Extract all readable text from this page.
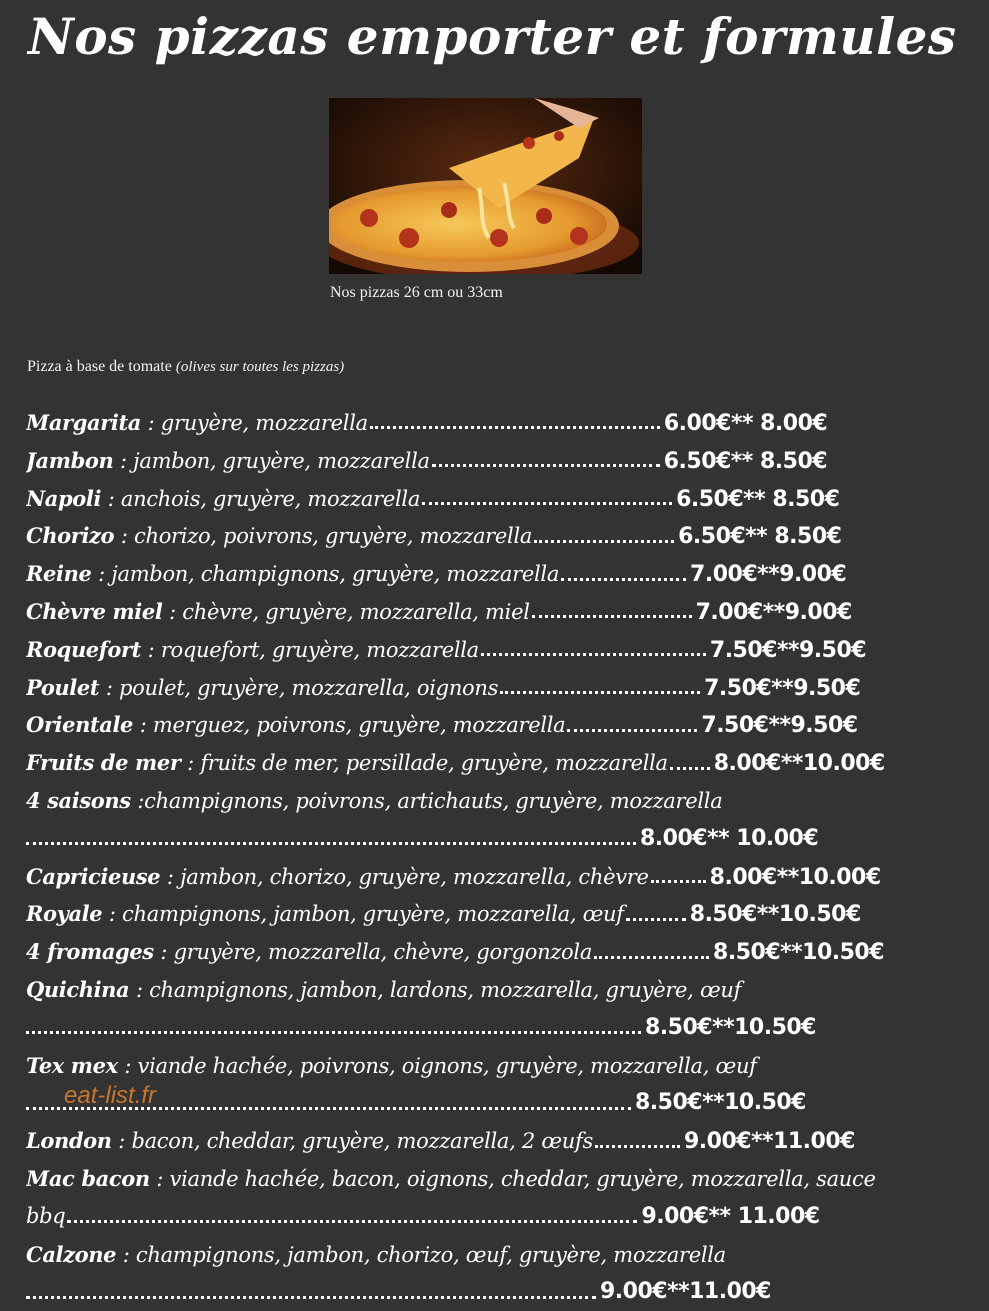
Nos pizzas emporter et formules
Nos pizzas 26 cm ou 33cm
Pizza à base de tomate (olives sur toutes les pizzas)
Margarita
: gruyère, mozzarella	6.00€** 8.00€
Jambon
: jambon, gruyère, mozzarella	6.50€** 8.50€
Napoli
: anchois, gruyère, mozzarella	6.50€** 8.50€
Chorizo
: chorizo, poivrons, gruyère, mozzarella	6.50€** 8.50€
Reine
: jambon, champignons, gruyère, mozzarella	7.00€**9.00€
Chèvre miel
: chèvre, gruyère, mozzarella, miel	7.00€**9.00€
Roquefort
: roquefort, gruyère, mozzarella	7.50€**9.50€
Poulet
: poulet, gruyère, mozzarella, oignons	7.50€**9.50€
Orientale
: merguez, poivrons, gruyère, mozzarella	7.50€**9.50€
Fruits de mer
: fruits de mer, persillade, gruyère, mozzarella 8.00€**10.00€
4 saisons
:champignons, poivrons, artichauts, gruyère, mozzarella
8.00€** 10.00€
Capricieuse
: jambon, chorizo, gruyère, mozzarella, chèvre	8.00€**10.00€
Royale
: champignons, jambon, gruyère, mozzarella, œuf	8.50€**10.50€
4 fromages
: gruyère, mozzarella, chèvre, gorgonzola	8.50€**10.50€
Quichina
: champignons, jambon, lardons, mozzarella, gruyère, œuf
8.50€**10.50€
Tex mex
: viande hachée, poivrons, oignons, gruyère, mozzarella, œuf
8.50€**10.50€
London
: bacon, cheddar, gruyère, mozzarella, 2 œufs	9.00€**11.00€
Mac bacon
: viande hachée, bacon, oignons, cheddar, gruyère, mozzarella, sauce
bbq	9.00€** 11.00€
Calzone
: champignons, jambon, chorizo, œuf, gruyère, mozzarella
9.00€**11.00€
eat-list.fr
